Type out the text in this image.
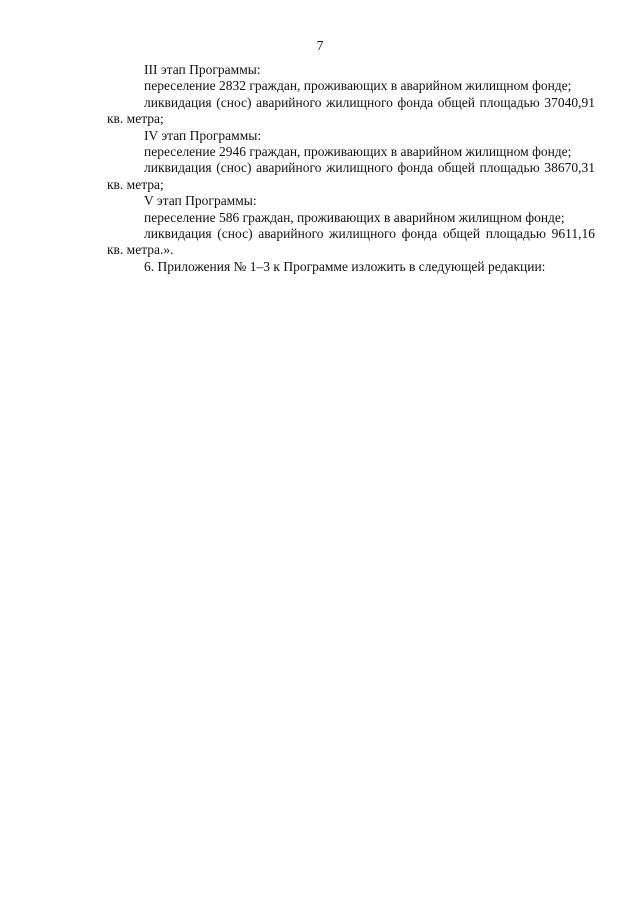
7

III этап Программы:

переселение 2832 граждан, проживающих в аварийном жилищном фонде;

ликвидация (снос) аварийного жилищного фонда общей площадью 37040,91 кв. метра;

IV этап Программы:

переселение 2946 граждан, проживающих в аварийном жилищном фонде;

ликвидация (снос) аварийного жилищного фонда общей площадью 38670,31 кв. метра;

V этап Программы:

переселение 586 граждан, проживающих в аварийном жилищном фонде;

ликвидация (снос) аварийного жилищного фонда общей площадью 9611,16 кв. метра.».

6. Приложения № 1–3 к Программе изложить в следующей редакции:
